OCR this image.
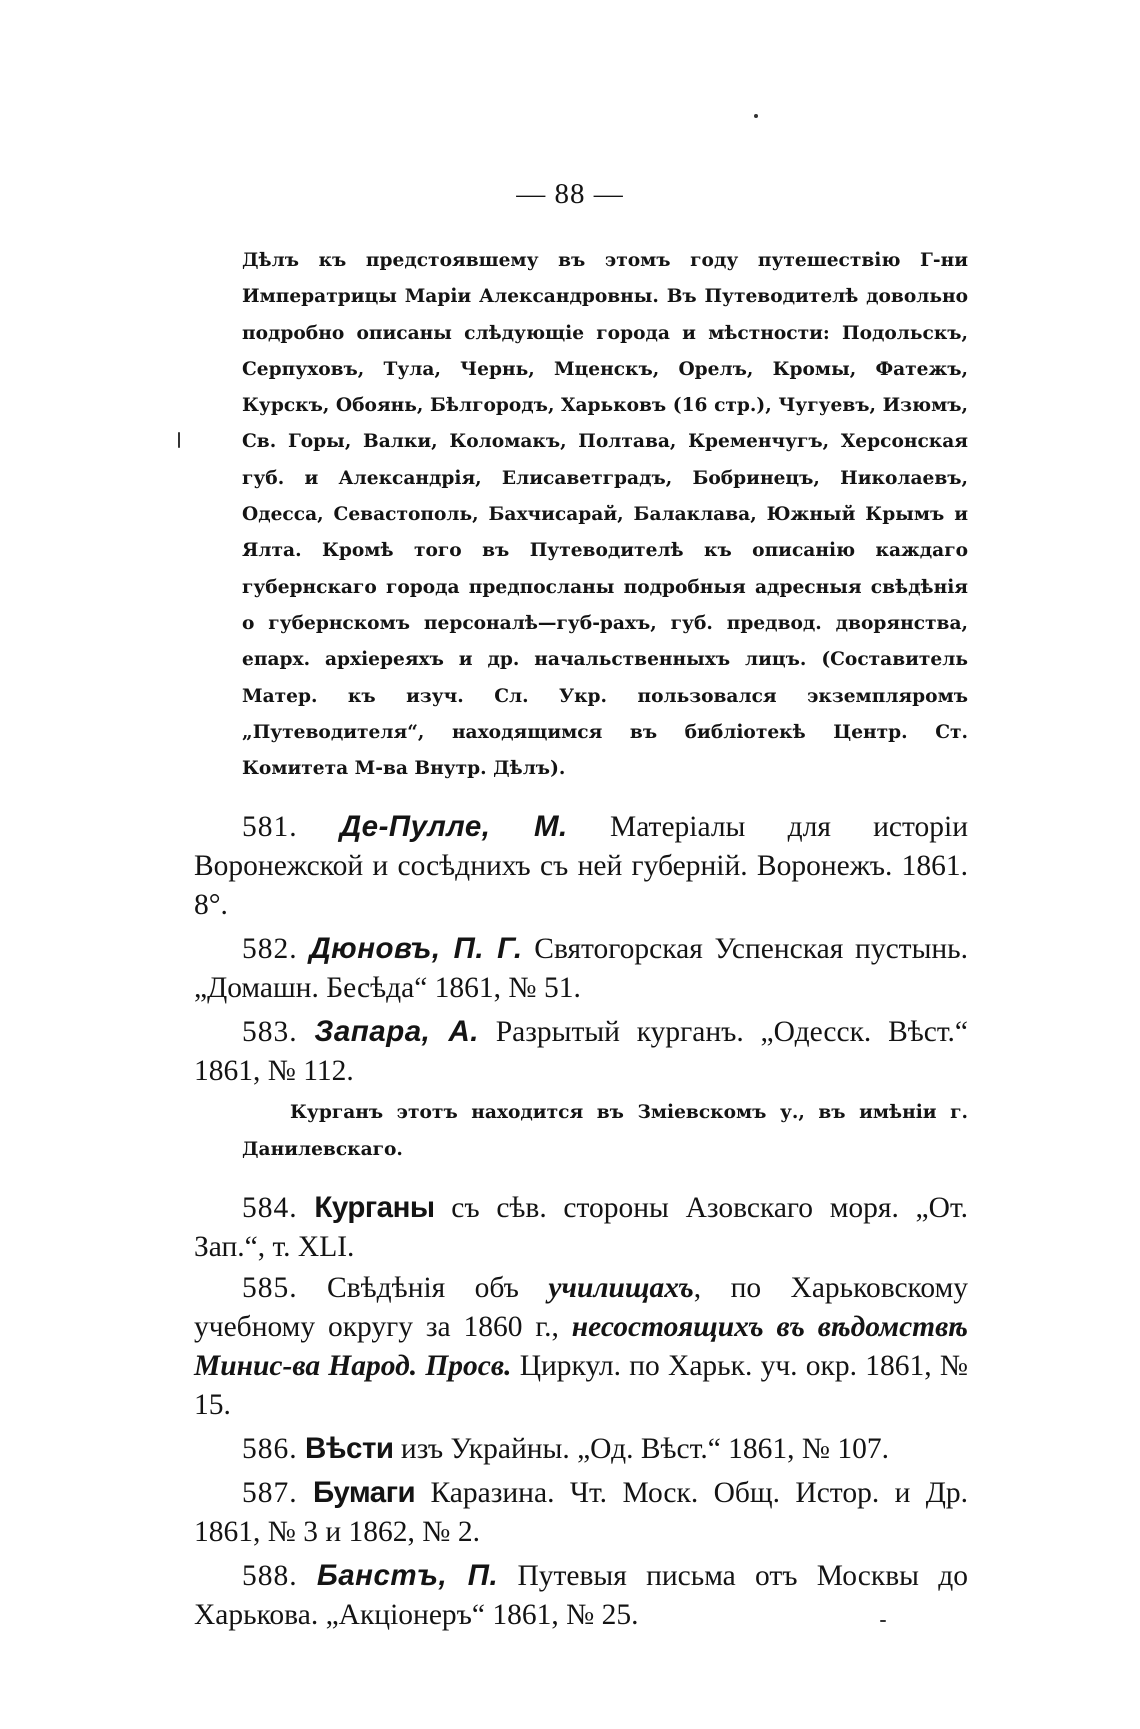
— 88 —

Дѣлъ къ предстоявшему въ этомъ году путешествію Г-ни Императрицы Маріи Александровны. Въ Путеводителѣ довольно подробно описаны слѣдующіе города и мѣстности: Подольскъ, Серпуховъ, Тула, Чернь, Мценскъ, Орелъ, Кромы, Фатежъ, Курскъ, Обоянь, Бѣлгородъ, Харьковъ (16 стр.), Чугуевъ, Изюмъ, Св. Горы, Валки, Коломакъ, Полтава, Кременчугъ, Херсонская губ. и Александрія, Елисаветградъ, Бобринецъ, Николаевъ, Одесса, Севастополь, Бахчисарай, Балаклава, Южный Крымъ и Ялта. Кромѣ того въ Путеводителѣ къ описанію каждаго губернскаго города предпосланы подробныя адресныя свѣдѣнія о губернскомъ персоналѣ—губ-рахъ, губ. предвод. дворянства, епарх. архіереяхъ и др. начальственныхъ лицъ. (Составитель Матер. къ изуч. Сл. Укр. пользовался экземпляромъ „Путеводителя“, находящимся въ библіотекѣ Центр. Ст. Комитета М-ва Внутр. Дѣлъ).

581. Де-Пулле, М. Матеріалы для исторіи Воронежской и сосѣднихъ съ ней губерній. Воронежъ. 1861. 8°.

582. Дюновъ, П. Г. Святогорская Успенская пустынь. „Домашн. Бесѣда“ 1861, № 51.

583. Запара, А. Разрытый курганъ. „Одесск. Вѣст.“ 1861, № 112.

Курганъ этотъ находится въ Зміевскомъ у., въ имѣніи г. Данилевскаго.

584. Курганы съ сѣв. стороны Азовскаго моря. „От. Зап.“, т. XLI.

585. Свѣдѣнія объ училищахъ, по Харьковскому учебному округу за 1860 г., несостоящихъ въ вѣдомствѣ Минис-ва Народ. Просв. Циркул. по Харьк. уч. окр. 1861, № 15.

586. Вѣсти изъ Украйны. „Од. Вѣст.“ 1861, № 107.

587. Бумаги Каразина. Чт. Моск. Общ. Истор. и Др. 1861, № 3 и 1862, № 2.

588. Банстъ, П. Путевыя письма отъ Москвы до Харькова. „Акціонеръ“ 1861, № 25.
